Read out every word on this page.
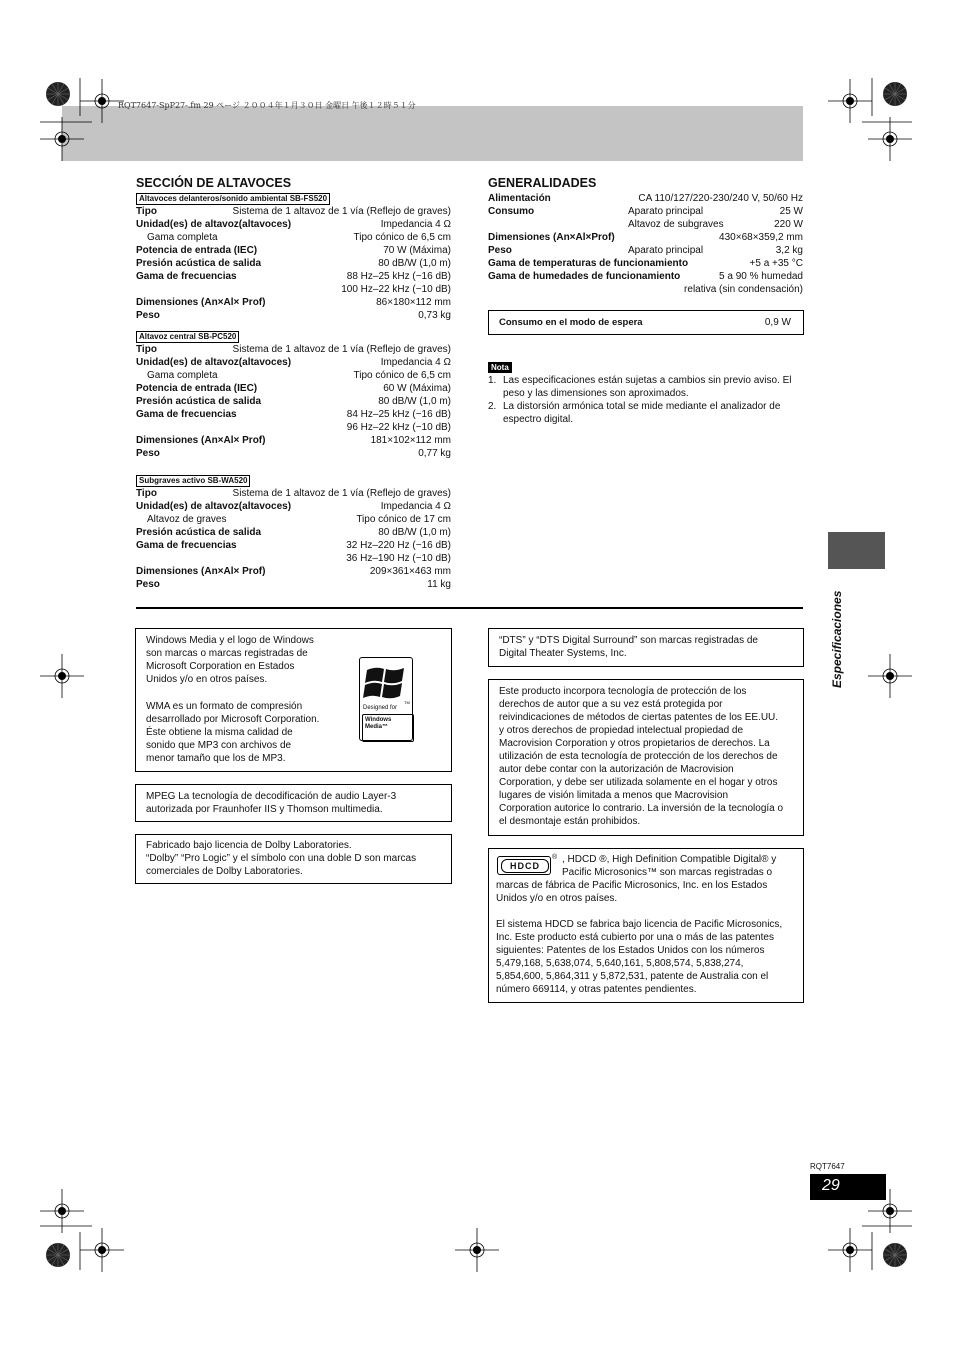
RQT7647-SpP27-.fm 29 ページ ２００４年１月３０日 金曜日 午後１２時５１分
SECCIÓN DE ALTAVOCES
Altavoces delanteros/sonido ambiental SB-FS520
Tipo	Sistema de 1 altavoz de 1 vía (Reflejo de graves)
Unidad(es) de altavoz(altavoces)	Impedancia 4 Ω
Gama completa	Tipo cónico de 6,5 cm
Potencia de entrada (IEC)	70 W (Máxima)
Presión acústica de salida	80 dB/W (1,0 m)
Gama de frecuencias	88 Hz–25 kHz (−16 dB)
100 Hz–22 kHz (−10 dB)
Dimensiones (An×Al× Prof)	86×180×112 mm
Peso	0,73 kg
Altavoz central SB-PC520
Tipo	Sistema de 1 altavoz de 1 vía (Reflejo de graves)
Unidad(es) de altavoz(altavoces)	Impedancia 4 Ω
Gama completa	Tipo cónico de 6,5 cm
Potencia de entrada (IEC)	60 W (Máxima)
Presión acústica de salida	80 dB/W (1,0 m)
Gama de frecuencias	84 Hz–25 kHz (−16 dB)
96 Hz–22 kHz (−10 dB)
Dimensiones (An×Al× Prof)	181×102×112 mm
Peso	0,77 kg
Subgraves activo SB-WA520
Tipo	Sistema de 1 altavoz de 1 vía (Reflejo de graves)
Unidad(es) de altavoz(altavoces)	Impedancia 4 Ω
Altavoz de graves	Tipo cónico de 17 cm
Presión acústica de salida	80 dB/W (1,0 m)
Gama de frecuencias	32 Hz–220 Hz (−16 dB)
36 Hz–190 Hz (−10 dB)
Dimensiones (An×Al× Prof)	209×361×463 mm
Peso	11 kg
GENERALIDADES
Alimentación	CA 110/127/220-230/240 V, 50/60 Hz
Consumo	Aparato principal	25 W
Altavoz de subgraves	220 W
Dimensiones (An×Al×Prof)	430×68×359,2 mm
Peso	Aparato principal	3,2 kg
Gama de temperaturas de funcionamiento	+5 a +35 °C
Gama de humedades de funcionamiento	5 a 90 % humedad
relativa (sin condensación)
Consumo en el modo de espera	0,9 W
Nota
1. Las especificaciones están sujetas a cambios sin previo aviso. El peso y las dimensiones son aproximados.
2. La distorsión armónica total se mide mediante el analizador de espectro digital.
Windows Media y el logo de Windows
son marcas o marcas registradas de
Microsoft Corporation en Estados
Unidos y/o en otros países.
WMA es un formato de compresión
desarrollado por Microsoft Corporation.
Éste obtiene la misma calidad de
sonido que MP3 con archivos de
menor tamaño que los de MP3.
TM
Designed for
Windows
Media™
MPEG La tecnología de decodificación de audio Layer-3
autorizada por Fraunhofer IIS y Thomson multimedia.
Fabricado bajo licencia de Dolby Laboratories.
“Dolby” “Pro Logic” y el símbolo con una doble D son marcas
comerciales de Dolby Laboratories.
“DTS” y “DTS Digital Surround” son marcas registradas de
Digital Theater Systems, Inc.
Este producto incorpora tecnología de protección de los
derechos de autor que a su vez está protegida por
reivindicaciones de métodos de ciertas patentes de los EE.UU.
y otros derechos de propiedad intelectual propiedad de
Macrovision Corporation y otros propietarios de derechos. La
utilización de esta tecnología de protección de los derechos de
autor debe contar con la autorización de Macrovision
Corporation, y debe ser utilizada solamente en el hogar y otros
lugares de visión limitada a menos que Macrovision
Corporation autorice lo contrario. La inversión de la tecnología o
el desmontaje están prohibidos.
HDCD
® , HDCD ®, High Definition Compatible Digital® y
Pacific Microsonics™ son marcas registradas o
marcas de fábrica de Pacific Microsonics, Inc. en los Estados
Unidos y/o en otros países.
El sistema HDCD se fabrica bajo licencia de Pacific Microsonics,
Inc. Este producto está cubierto por una o más de las patentes
siguientes: Patentes de los Estados Unidos con los números
5,479,168, 5,638,074, 5,640,161, 5,808,574, 5,838,274,
5,854,600, 5,864,311 y 5,872,531, patente de Australia con el
número 669114, y otras patentes pendientes.
Especificaciones
RQT7647
29
